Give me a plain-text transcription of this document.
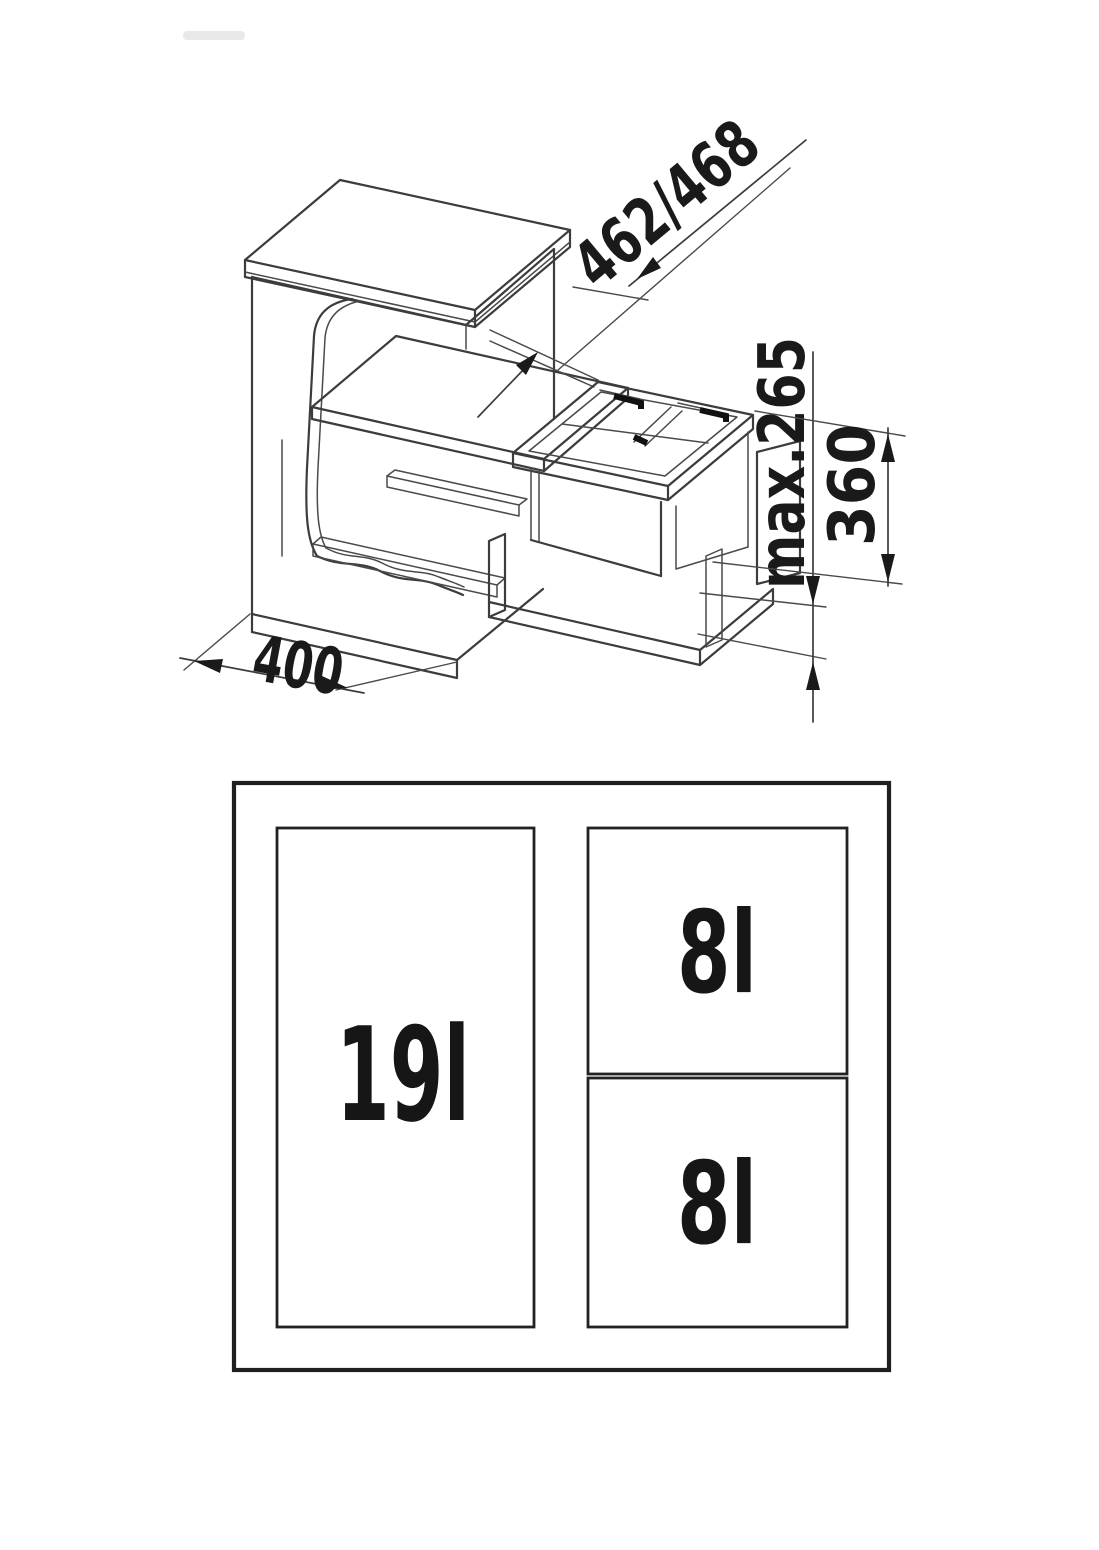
462/468
max.265
360
400
19l
8l
8l
